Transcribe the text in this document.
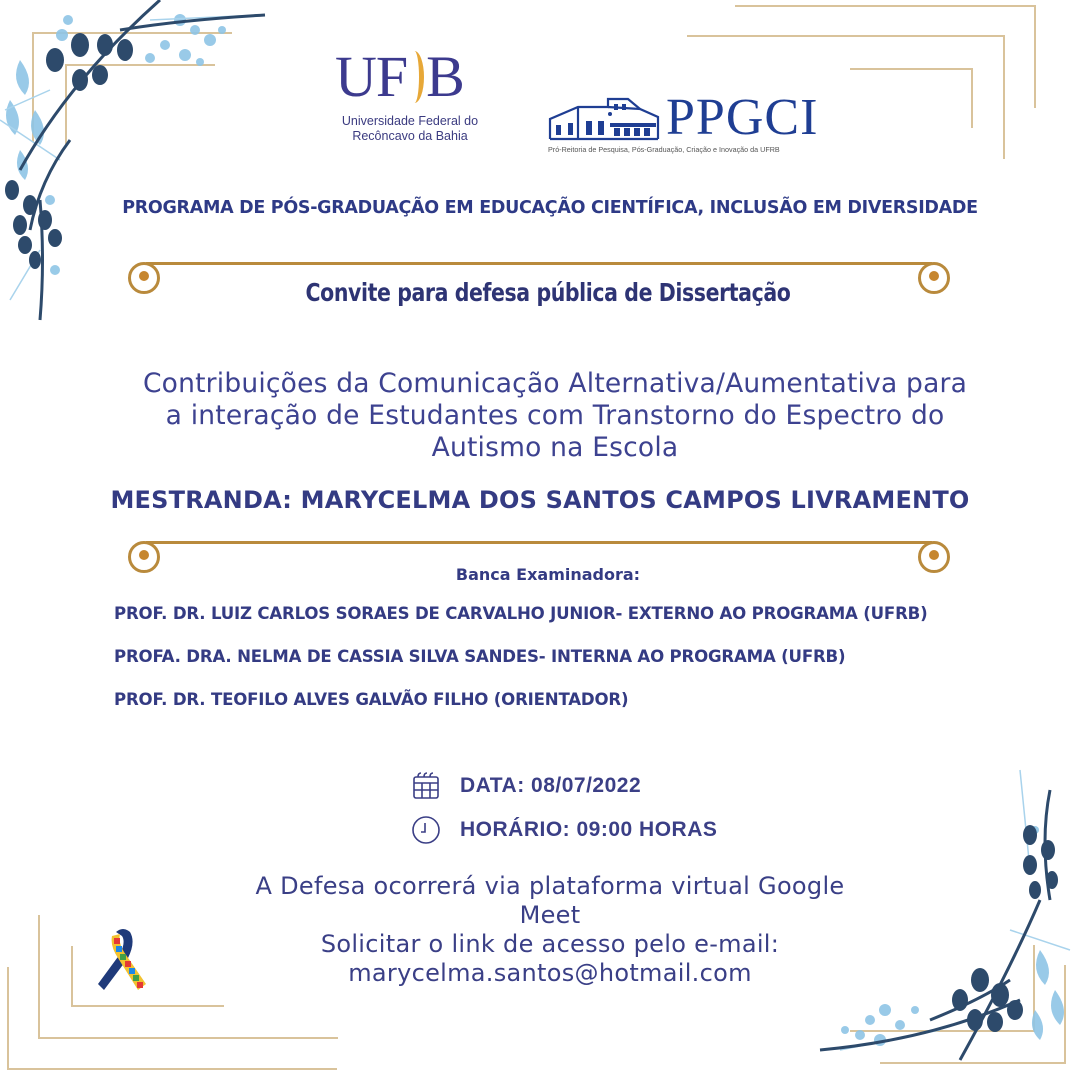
UF B
Universidade Federal do
Recôncavo da Bahia	PPGCI
Pró-Reitoria de Pesquisa, Pós-Graduação, Criação e Inovação da UFRB
PROGRAMA DE PÓS-GRADUAÇÃO EM EDUCAÇÃO CIENTÍFICA, INCLUSÃO EM DIVERSIDADE
Convite para defesa pública de Dissertação
Contribuições da Comunicação Alternativa/Aumentativa para
a interação de Estudantes com Transtorno do Espectro do
Autismo na Escola
MESTRANDA: MARYCELMA DOS SANTOS CAMPOS LIVRAMENTO
Banca Examinadora:
PROF. DR. LUIZ CARLOS SORAES DE CARVALHO JUNIOR- EXTERNO AO PROGRAMA (UFRB)
PROFA. DRA. NELMA DE CASSIA SILVA SANDES- INTERNA AO PROGRAMA (UFRB)
PROF. DR. TEOFILO ALVES GALVÃO FILHO (ORIENTADOR)
DATA: 08/07/2022
HORÁRIO: 09:00 HORAS
A Defesa ocorrerá via plataforma virtual Google
Meet
Solicitar o link de acesso pelo e-mail:
marycelma.santos@hotmail.com
